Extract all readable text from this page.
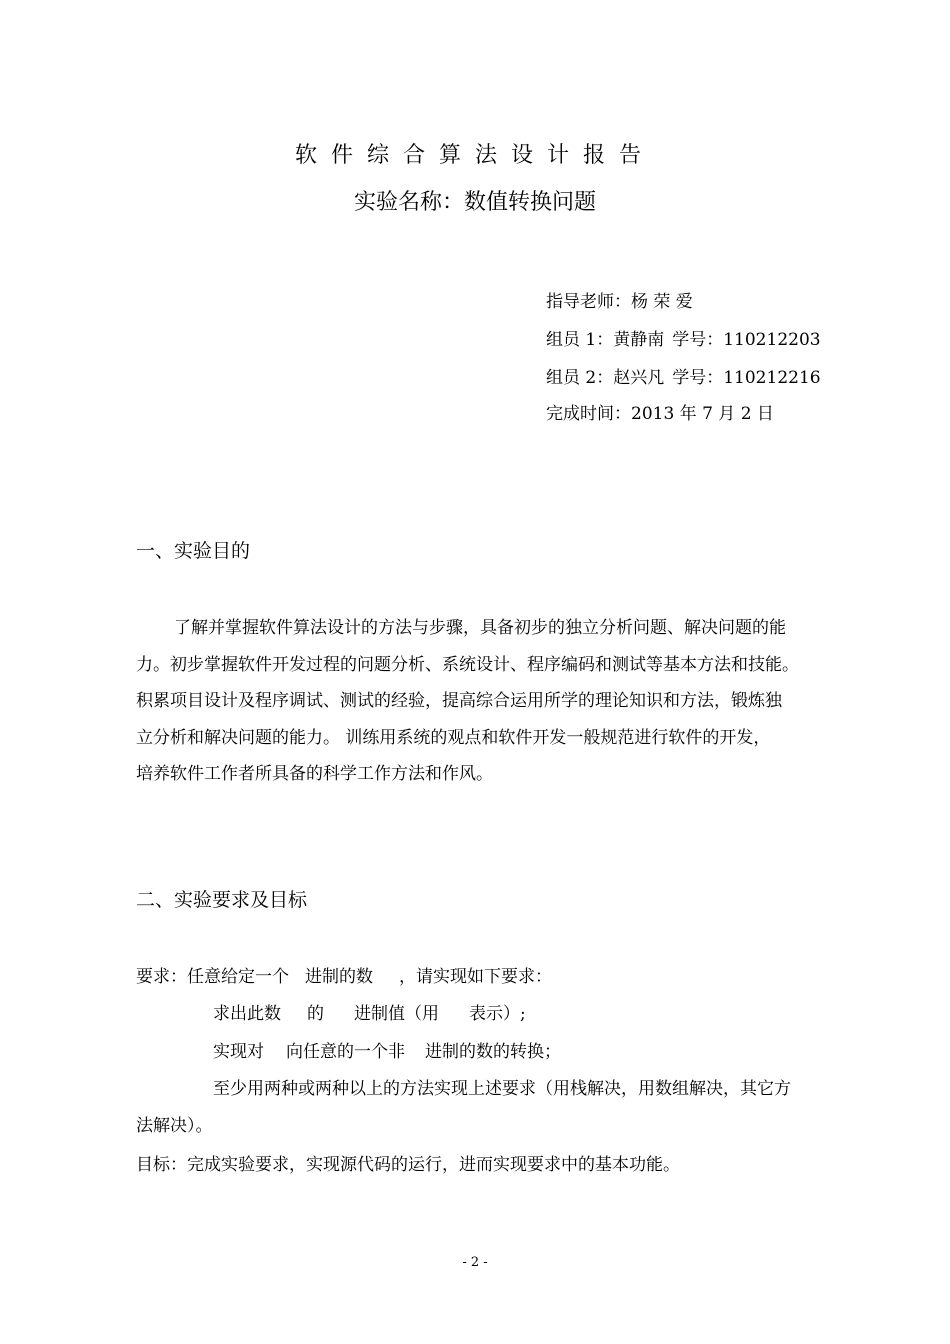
软件综合算法设计报告
实验名称：数值转换问题
指导老师：杨 荣 爱
组员 1：黄静南 学号：110212203
组员 2：赵兴凡 学号：110212216
完成时间：2013 年 7 月 2 日
一、实验目的
了解并掌握软件算法设计的方法与步骤，具备初步的独立分析问题、解决问题的能
力。初步掌握软件开发过程的问题分析、系统设计、程序编码和测试等基本方法和技能。
积累项目设计及程序调试、测试的经验，提高综合运用所学的理论知识和方法，锻炼独
立分析和解决问题的能力。 训练用系统的观点和软件开发一般规范进行软件的开发，
培养软件工作者所具备的科学工作方法和作风。
二、实验要求及目标
要求：任意给定一个 进制的数 ，请实现如下要求：
求出此数 的 进制值（用 表示）;
实现对 向任意的一个非 进制的数的转换；
至少用两种或两种以上的方法实现上述要求（用栈解决，用数组解决，其它方
法解决）。
目标：完成实验要求，实现源代码的运行，进而实现要求中的基本功能。
- 2 -
